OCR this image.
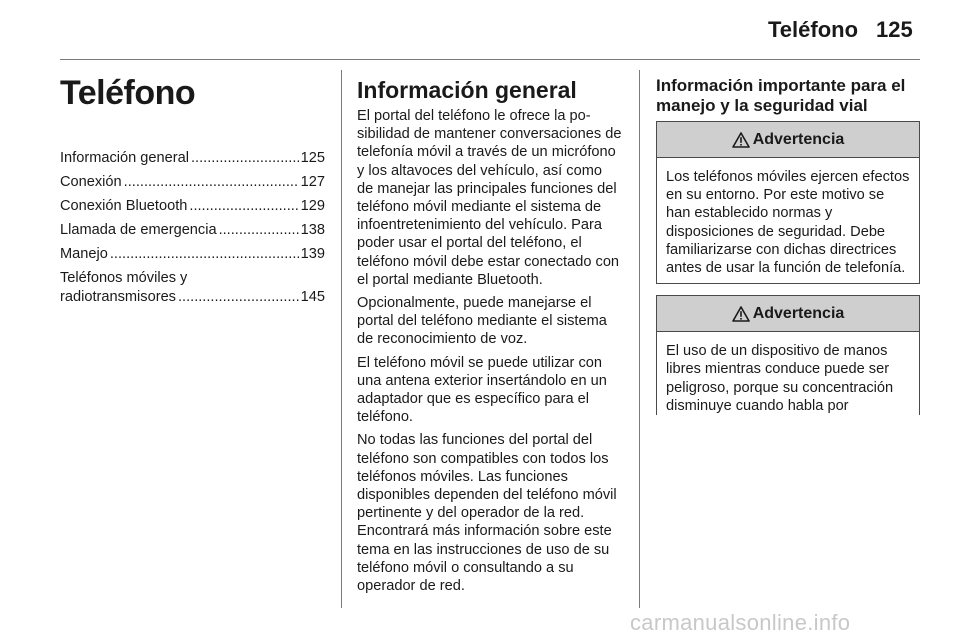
Teléfono 125
Teléfono
Información general .....	125
Conexión .....	127
Conexión Bluetooth .....	129
Llamada de emergencia .....	138
Manejo .....	139
Teléfonos móviles y
radiotransmisores .....	145
Información general

El portal del teléfono le ofrece la posibilidad de mantener conversaciones de telefonía móvil a través de un micrófono y los altavoces del vehículo, así como de manejar las principales funciones del teléfono móvil mediante el sistema de infoentretenimiento del vehículo. Para poder usar el portal del teléfono, el teléfono móvil debe estar conectado con el portal mediante Bluetooth.

Opcionalmente, puede manejarse el portal del teléfono mediante el sistema de reconocimiento de voz.

El teléfono móvil se puede utilizar con una antena exterior insertándolo en un adaptador que es específico para el teléfono.

No todas las funciones del portal del teléfono son compatibles con todos los teléfonos móviles. Las funciones disponibles dependen del teléfono móvil pertinente y del operador de la red. Encontrará más información sobre este tema en las instrucciones de uso de su teléfono móvil o consultando a su operador de red.

Información importante para el manejo y la seguridad vial
Advertencia
Los teléfonos móviles ejercen efectos en su entorno. Por este motivo se han establecido normas y disposiciones de seguridad. Debe familiarizarse con dichas directrices antes de usar la función de telefonía.
Advertencia
El uso de un dispositivo de manos libres mientras conduce puede ser peligroso, porque su concentración disminuye cuando habla por
carmanualsonline.info
